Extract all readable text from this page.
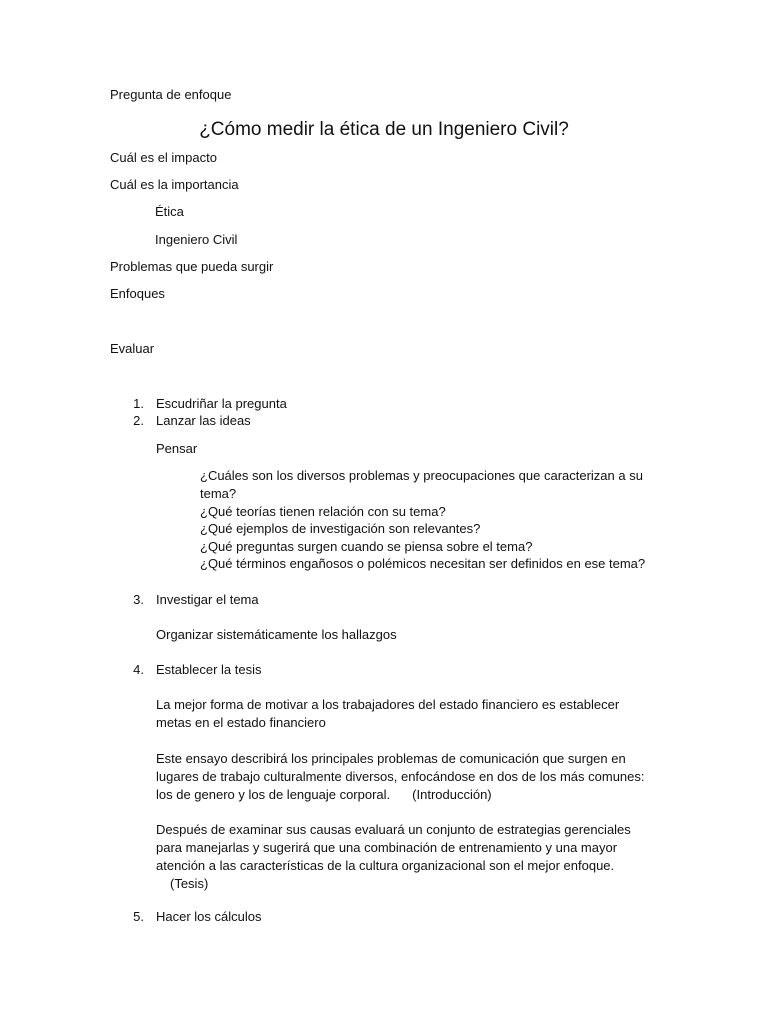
Pregunta de enfoque
¿Cómo medir la ética de un Ingeniero Civil?
Cuál es el impacto
Cuál es la importancia
Ética
Ingeniero Civil
Problemas que pueda surgir
Enfoques
Evaluar
1. Escudriñar la pregunta
2. Lanzar las ideas
Pensar
¿Cuáles son los diversos problemas y preocupaciones que caracterizan a su tema?
¿Qué teorías tienen relación con su tema?
¿Qué ejemplos de investigación son relevantes?
¿Qué preguntas surgen cuando se piensa sobre el tema?
¿Qué términos engañosos o polémicos necesitan ser definidos en ese tema?
3. Investigar el tema
Organizar sistemáticamente los hallazgos
4. Establecer la tesis
La mejor forma de motivar a los trabajadores del estado financiero es establecer metas en el estado financiero
Este ensayo describirá los principales problemas de comunicación que surgen en lugares de trabajo culturalmente diversos, enfocándose en dos de los más comunes: los de genero y los de lenguaje corporal. (Introducción)
Después de examinar sus causas evaluará un conjunto de estrategias gerenciales para manejarlas y sugerirá que una combinación de entrenamiento y una mayor atención a las características de la cultura organizacional son el mejor enfoque.(Tesis)
5. Hacer los cálculos
